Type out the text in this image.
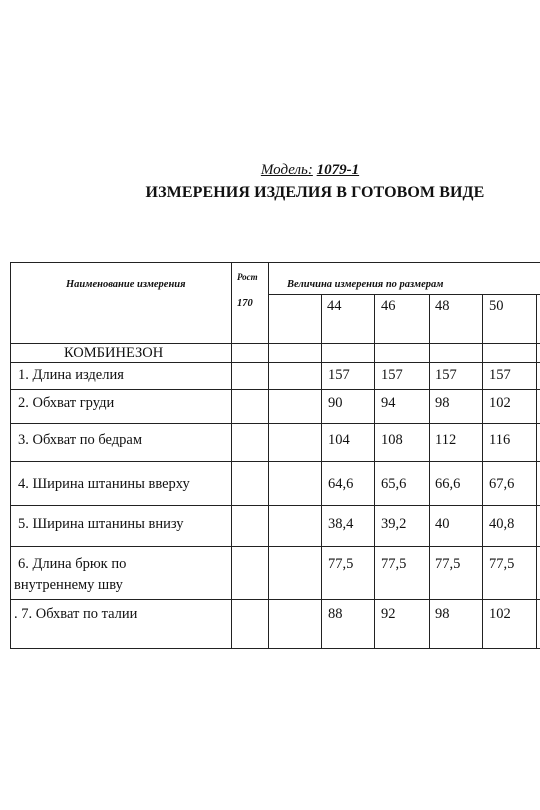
Модель: 1079-1
ИЗМЕРЕНИЯ ИЗДЕЛИЯ В ГОТОВОМ ВИДЕ
Наименование измерения
Рост
170
Величина измерения по размерам
44	46	48	50
КОМБИНЕЗОН
1. Длина изделия	157 157 157 157
2. Обхват груди	90	94	98	102
3. Обхват по бедрам	104 108 112 116
4. Ширина штанины вверху	64,6 65,6 66,6 67,6
5. Ширина штанины внизу	38,4 39,2 40	40,8
6. Длина брюк по
внутреннему шву
77,5 77,5 77,5 77,5
. 7. Обхват по талии	88	92	98	102
